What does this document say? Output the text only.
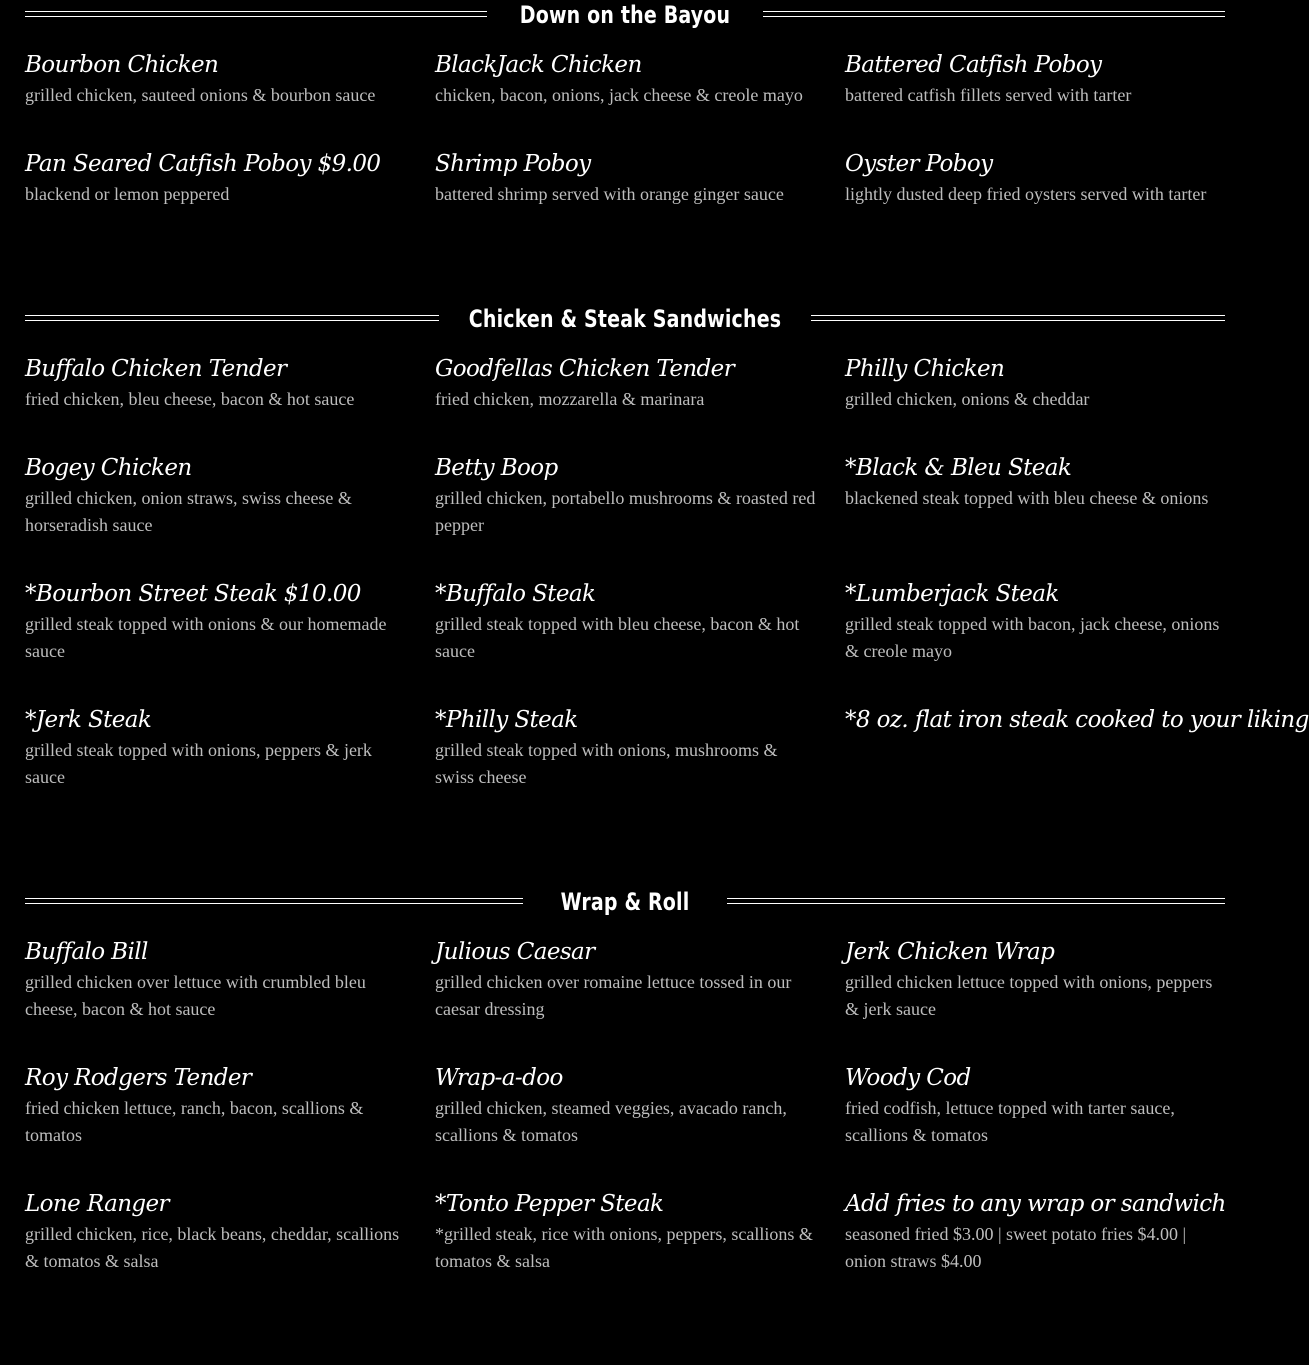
Down on the Bayou
Bourbon Chicken
grilled chicken, sauteed onions & bourbon sauce
BlackJack Chicken
chicken, bacon, onions, jack cheese & creole mayo
Battered Catfish Poboy
battered catfish fillets served with tarter
Pan Seared Catfish Poboy $9.00
blackend or lemon peppered
Shrimp Poboy
battered shrimp served with orange ginger sauce
Oyster Poboy
lightly dusted deep fried oysters served with tarter
Chicken & Steak Sandwiches
Buffalo Chicken Tender
fried chicken, bleu cheese, bacon & hot sauce
Goodfellas Chicken Tender
fried chicken, mozzarella & marinara
Philly Chicken
grilled chicken, onions & cheddar
Bogey Chicken
grilled chicken, onion straws, swiss cheese & horseradish sauce
Betty Boop
grilled chicken, portabello mushrooms & roasted red pepper
*Black & Bleu Steak
blackened steak topped with bleu cheese & onions
*Bourbon Street Steak $10.00
grilled steak topped with onions & our homemade sauce
*Buffalo Steak
grilled steak topped with bleu cheese, bacon & hot sauce
*Lumberjack Steak
grilled steak topped with bacon, jack cheese, onions & creole mayo
*Jerk Steak
grilled steak topped with onions, peppers & jerk sauce
*Philly Steak
grilled steak topped with onions, mushrooms & swiss cheese
*8 oz. flat iron steak cooked to your liking
Wrap & Roll
Buffalo Bill
grilled chicken over lettuce with crumbled bleu cheese, bacon & hot sauce
Julious Caesar
grilled chicken over romaine lettuce tossed in our caesar dressing
Jerk Chicken Wrap
grilled chicken lettuce topped with onions, peppers & jerk sauce
Roy Rodgers Tender
fried chicken lettuce, ranch, bacon, scallions & tomatos
Wrap-a-doo
grilled chicken, steamed veggies, avacado ranch, scallions & tomatos
Woody Cod
fried codfish, lettuce topped with tarter sauce, scallions & tomatos
Lone Ranger
grilled chicken, rice, black beans, cheddar, scallions & tomatos & salsa
*Tonto Pepper Steak
*grilled steak, rice with onions, peppers, scallions & tomatos & salsa
Add fries to any wrap or sandwich
seasoned fried $3.00 | sweet potato fries $4.00 | onion straws $4.00
